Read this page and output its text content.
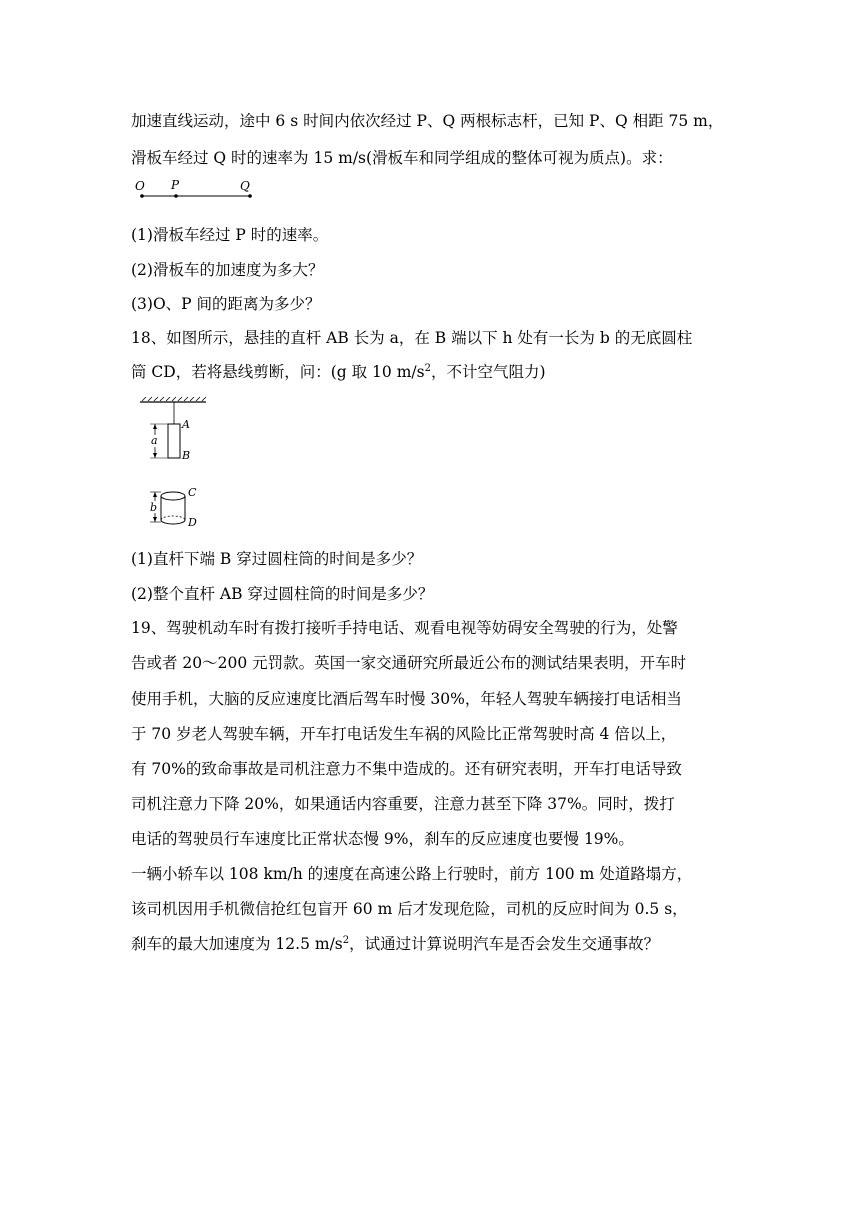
加速直线运动，途中 6 s 时间内依次经过 P、Q 两根标志杆，已知 P、Q 相距 75 m，
滑板车经过 Q 时的速率为 15 m/s(滑板车和同学组成的整体可视为质点)。求：
O P	Q
(1)滑板车经过 P 时的速率。
(2)滑板车的加速度为多大？
(3)O、P 间的距离为多少？
18、如图所示，悬挂的直杆 AB 长为 a，在 B 端以下 h 处有一长为 b 的无底圆柱
筒 CD，若将悬线剪断，问：(g 取 10 $m/s^2$，不计空气阻力)
A
B
a
C
D
b
(1)直杆下端 B 穿过圆柱筒的时间是多少？
(2)整个直杆 AB 穿过圆柱筒的时间是多少？
19、驾驶机动车时有拨打接听手持电话、观看电视等妨碍安全驾驶的行为，处警
告或者 20～200 元罚款。英国一家交通研究所最近公布的测试结果表明，开车时
使用手机，大脑的反应速度比酒后驾车时慢 30%，年轻人驾驶车辆接打电话相当
于 70 岁老人驾驶车辆，开车打电话发生车祸的风险比正常驾驶时高 4 倍以上，
有 70%的致命事故是司机注意力不集中造成的。还有研究表明，开车打电话导致
司机注意力下降 20%，如果通话内容重要，注意力甚至下降 37%。同时，拨打
电话的驾驶员行车速度比正常状态慢 9%，刹车的反应速度也要慢 19%。
一辆小轿车以 108 km/h 的速度在高速公路上行驶时，前方 100 m 处道路塌方，
该司机因用手机微信抢红包盲开 60 m 后才发现危险，司机的反应时间为 0.5 s，
刹车的最大加速度为 12.5 $m/s^2$，试通过计算说明汽车是否会发生交通事故？
